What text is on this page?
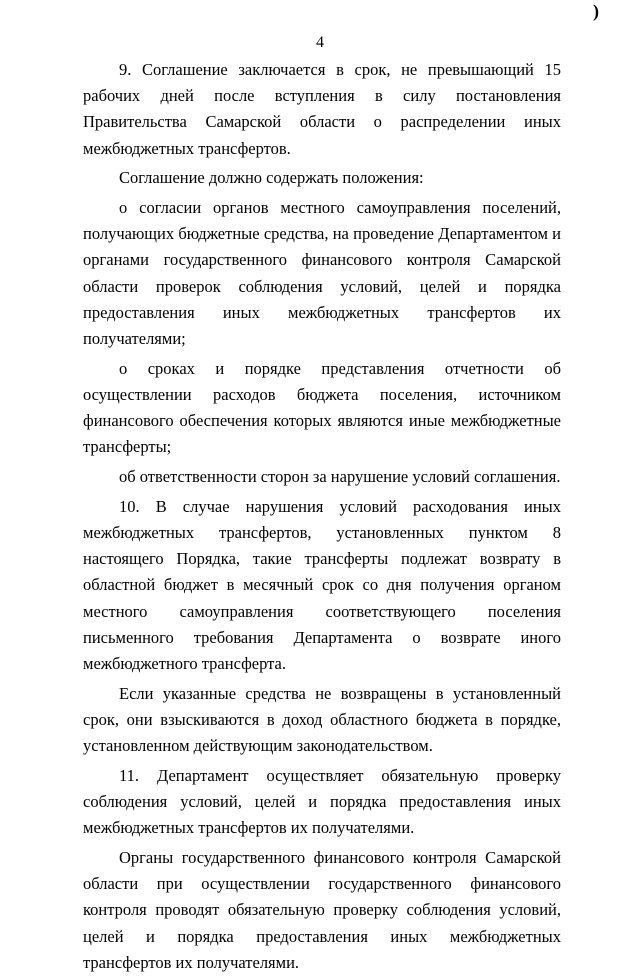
)
4

9. Соглашение заключается в срок, не превышающий 15 рабочих дней после вступления в силу постановления Правительства Самарской области о распределении иных межбюджетных трансфертов.

Соглашение должно содержать положения:

о согласии органов местного самоуправления поселений, получающих бюджетные средства, на проведение Департаментом и органами государственного финансового контроля Самарской области проверок соблюдения условий, целей и порядка предоставления иных межбюджетных трансфертов их получателями;

о сроках и порядке представления отчетности об осуществлении расходов бюджета поселения, источником финансового обеспечения которых являются иные межбюджетные трансферты;

об ответственности сторон за нарушение условий соглашения.

10. В случае нарушения условий расходования иных межбюджетных трансфертов, установленных пунктом 8 настоящего Порядка, такие трансферты подлежат возврату в областной бюджет в месячный срок со дня получения органом местного самоуправления соответствующего поселения письменного требования Департамента о возврате иного межбюджетного трансферта.

Если указанные средства не возвращены в установленный срок, они взыскиваются в доход областного бюджета в порядке, установленном действующим законодательством.

11. Департамент осуществляет обязательную проверку соблюдения условий, целей и порядка предоставления иных межбюджетных трансфертов их получателями.

Органы государственного финансового контроля Самарской области при осуществлении государственного финансового контроля проводят обязательную проверку соблюдения условий, целей и порядка предоставления иных межбюджетных трансфертов их получателями.
